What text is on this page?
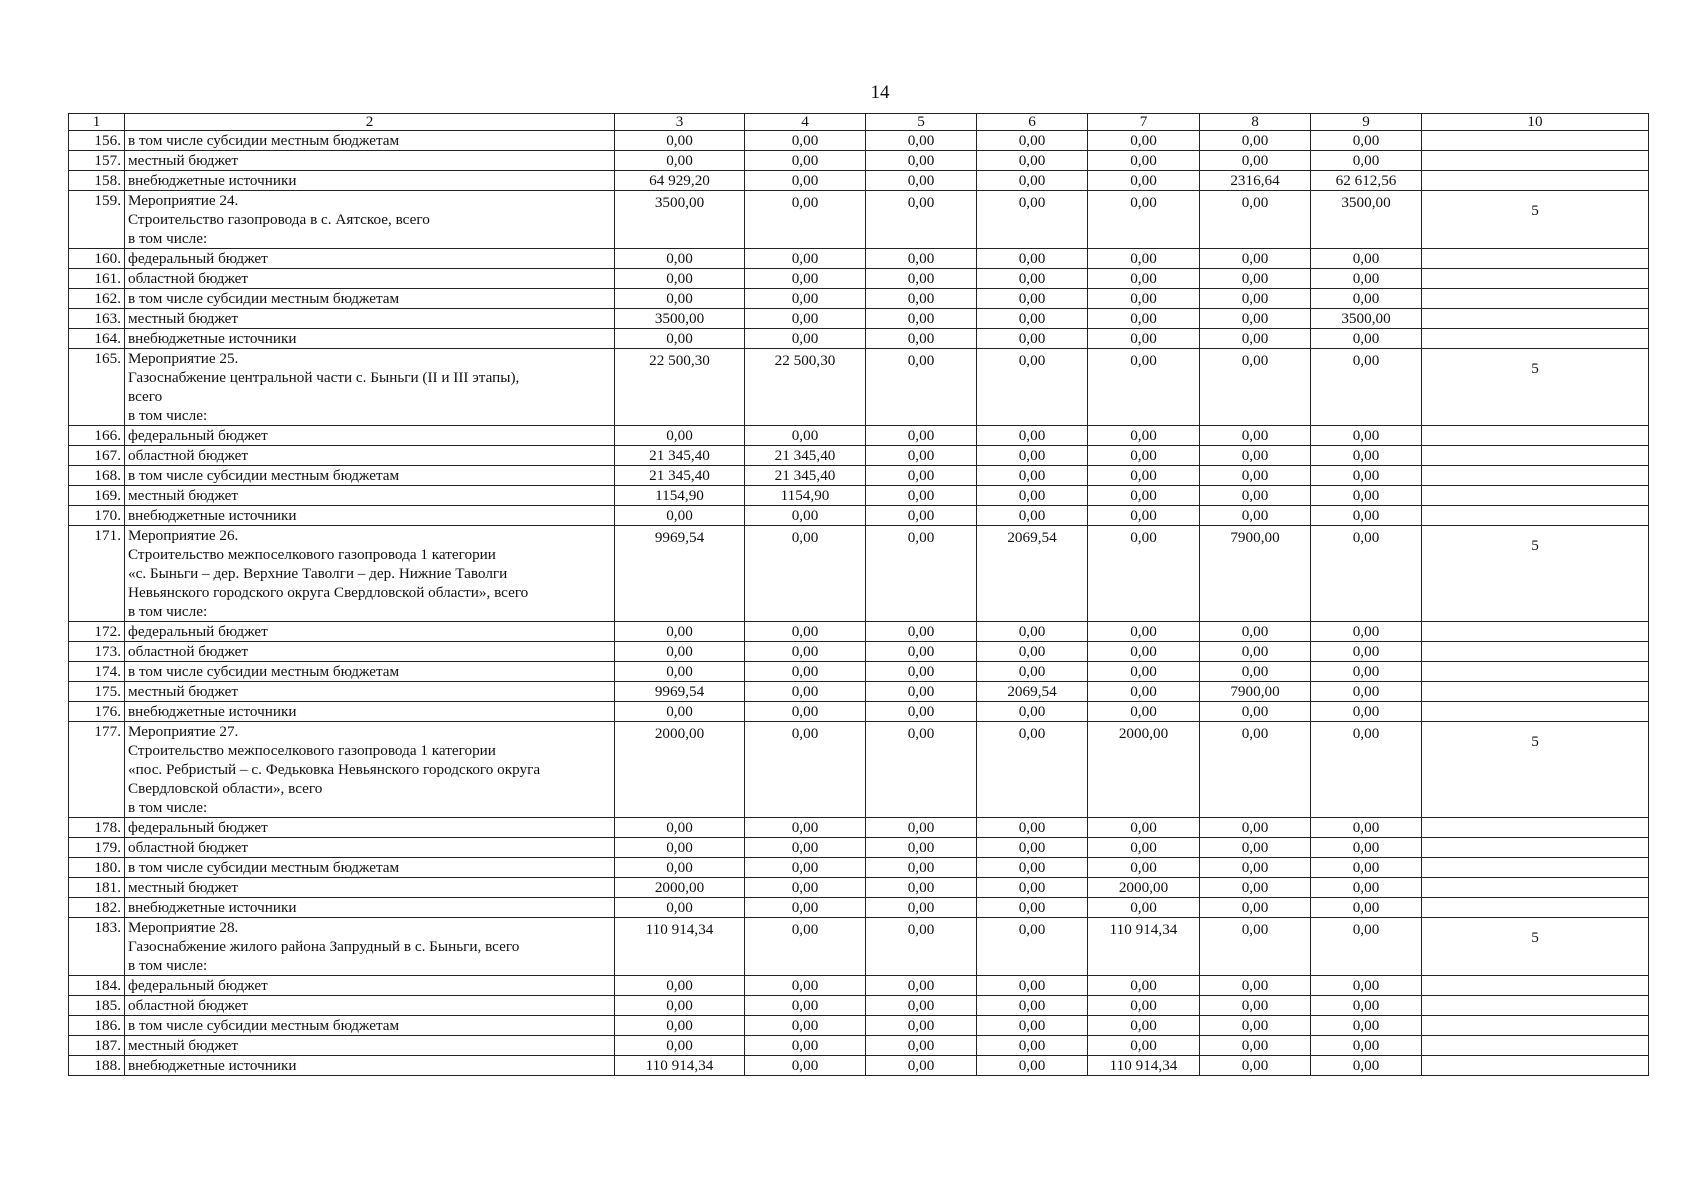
14
1	2	3	4	5	6	7	8	9	10
156.	в том числе субсидии местным бюджетам	0,00	0,00	0,00	0,00	0,00	0,00	0,00	
157.	местный бюджет	0,00	0,00	0,00	0,00	0,00	0,00	0,00	
158.	внебюджетные источники	64 929,20	0,00	0,00	0,00	0,00	2316,64	62 612,56	
159.	Мероприятие 24.
Строительство газопровода в с. Аятское, всего
в том числе:	3500,00	0,00	0,00	0,00	0,00	0,00	3500,00	5
160.	федеральный бюджет	0,00	0,00	0,00	0,00	0,00	0,00	0,00	
161.	областной бюджет	0,00	0,00	0,00	0,00	0,00	0,00	0,00	
162.	в том числе субсидии местным бюджетам	0,00	0,00	0,00	0,00	0,00	0,00	0,00	
163.	местный бюджет	3500,00	0,00	0,00	0,00	0,00	0,00	3500,00	
164.	внебюджетные источники	0,00	0,00	0,00	0,00	0,00	0,00	0,00	
165.	Мероприятие 25.
Газоснабжение центральной части с. Быньги (II и III этапы),
всего
в том числе:	22 500,30	22 500,30	0,00	0,00	0,00	0,00	0,00	5
166.	федеральный бюджет	0,00	0,00	0,00	0,00	0,00	0,00	0,00	
167.	областной бюджет	21 345,40	21 345,40	0,00	0,00	0,00	0,00	0,00	
168.	в том числе субсидии местным бюджетам	21 345,40	21 345,40	0,00	0,00	0,00	0,00	0,00	
169.	местный бюджет	1154,90	1154,90	0,00	0,00	0,00	0,00	0,00	
170.	внебюджетные источники	0,00	0,00	0,00	0,00	0,00	0,00	0,00	
171.	Мероприятие 26.
Строительство межпоселкового газопровода 1 категории
«с. Быньги – дер. Верхние Таволги – дер. Нижние Таволги
Невьянского городского округа Свердловской области», всего
в том числе:	9969,54	0,00	0,00	2069,54	0,00	7900,00	0,00	5
172.	федеральный бюджет	0,00	0,00	0,00	0,00	0,00	0,00	0,00	
173.	областной бюджет	0,00	0,00	0,00	0,00	0,00	0,00	0,00	
174.	в том числе субсидии местным бюджетам	0,00	0,00	0,00	0,00	0,00	0,00	0,00	
175.	местный бюджет	9969,54	0,00	0,00	2069,54	0,00	7900,00	0,00	
176.	внебюджетные источники	0,00	0,00	0,00	0,00	0,00	0,00	0,00	
177.	Мероприятие 27.
Строительство межпоселкового газопровода 1 категории
«пос. Ребристый – с. Федьковка Невьянского городского округа
Свердловской области», всего
в том числе:	2000,00	0,00	0,00	0,00	2000,00	0,00	0,00	5
178.	федеральный бюджет	0,00	0,00	0,00	0,00	0,00	0,00	0,00	
179.	областной бюджет	0,00	0,00	0,00	0,00	0,00	0,00	0,00	
180.	в том числе субсидии местным бюджетам	0,00	0,00	0,00	0,00	0,00	0,00	0,00	
181.	местный бюджет	2000,00	0,00	0,00	0,00	2000,00	0,00	0,00	
182.	внебюджетные источники	0,00	0,00	0,00	0,00	0,00	0,00	0,00	
183.	Мероприятие 28.
Газоснабжение жилого района Запрудный в с. Быньги, всего
в том числе:	110 914,34	0,00	0,00	0,00	110 914,34	0,00	0,00	5
184.	федеральный бюджет	0,00	0,00	0,00	0,00	0,00	0,00	0,00	
185.	областной бюджет	0,00	0,00	0,00	0,00	0,00	0,00	0,00	
186.	в том числе субсидии местным бюджетам	0,00	0,00	0,00	0,00	0,00	0,00	0,00	
187.	местный бюджет	0,00	0,00	0,00	0,00	0,00	0,00	0,00	
188.	внебюджетные источники	110 914,34	0,00	0,00	0,00	110 914,34	0,00	0,00	
